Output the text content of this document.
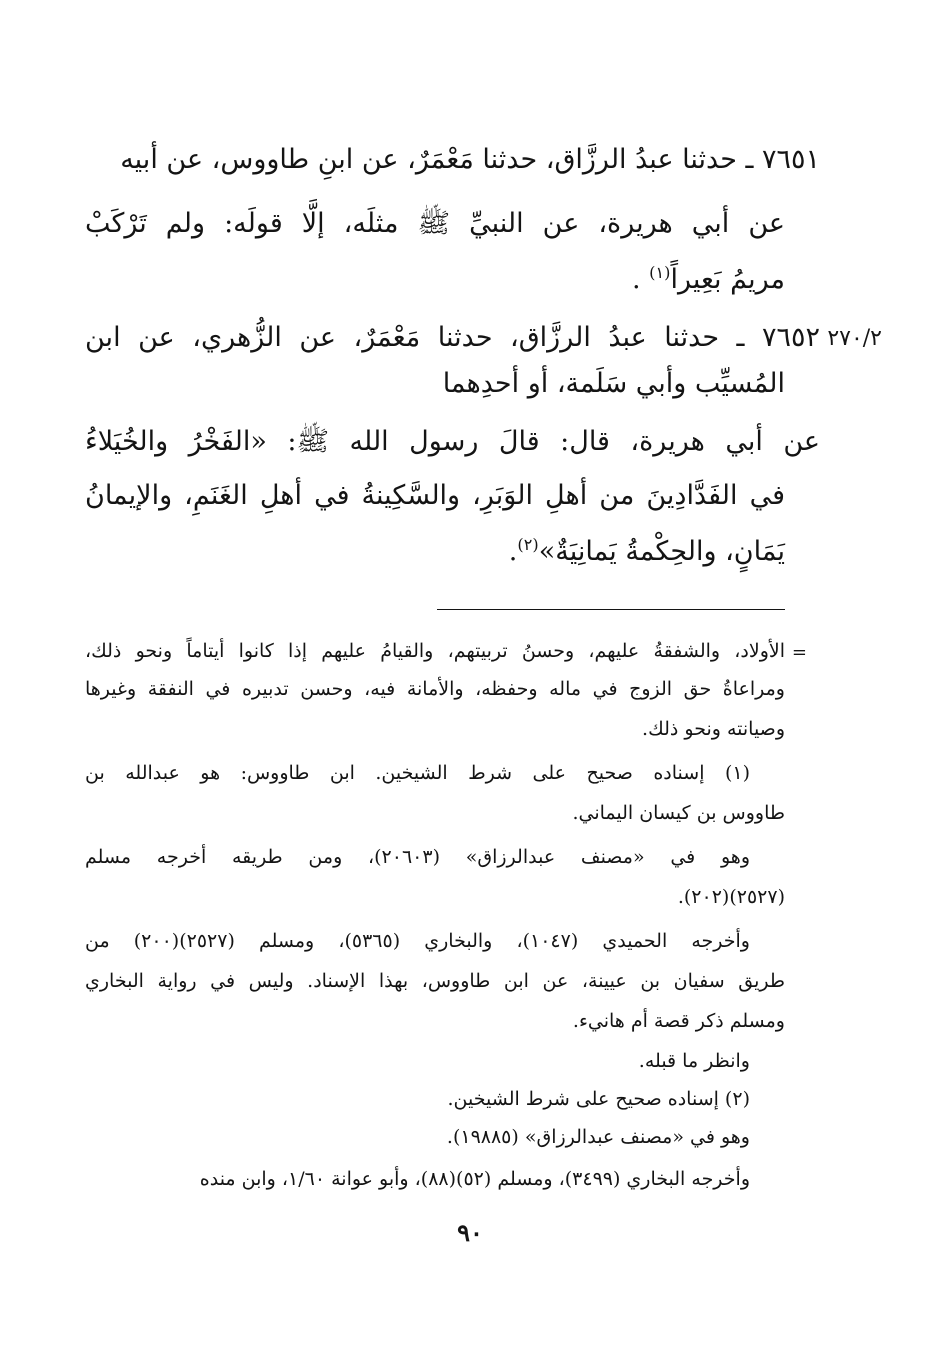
٧٦٥١ ـ حدثنا عبدُ الرزَّاق، حدثنا مَعْمَرٌ، عن ابنِ طاووس، عن أبيه
عن أبي هريرة، عن النبيِّ ﷺ مثلَه، إلَّا قولَه: ولم تَرْكَبْ
مريمُ بَعِيراً$^{(١)}$ .
٧٦٥٢ ـ حدثنا عبدُ الرزَّاق، حدثنا مَعْمَرٌ، عن الزُّهري، عن ابن
المُسيِّب وأبي سَلَمة، أو أحدِهما
عن أبي هريرة، قال: قالَ رسول الله ﷺ: «الفَخْرُ والخُيَلاءُ
في الفَدَّادِينَ من أهلِ الوَبَرِ، والسَّكِينةُ في أهلِ الغَنَمِ، والإيمانُ
يَمَانٍ، والحِكْمةُ يَمانِيَةٌ»$^{(٢)}$.
٢٧٠/٢
=
الأولاد، والشفقةُ عليهم، وحسنُ تربيتهم، والقيامُ عليهم إذا كانوا أيتاماً ونحو ذلك،
ومراعاةُ حق الزوج في ماله وحفظه، والأمانة فيه، وحسن تدبيره في النفقة وغيرها
وصيانته ونحو ذلك.
(١) إسناده صحيح على شرط الشيخين. ابن طاووس: هو عبدالله بن
طاووس بن كيسان اليماني.
وهو في «مصنف عبدالرزاق» (٢٠٦٠٣)، ومن طريقه أخرجه مسلم
(٢٥٢٧)(٢٠٢).
وأخرجه الحميدي (١٠٤٧)، والبخاري (٥٣٦٥)، ومسلم (٢٥٢٧)(٢٠٠) من
طريق سفيان بن عيينة، عن ابن طاووس، بهذا الإسناد. وليس في رواية البخاري
ومسلم ذكر قصة أم هانيء.
وانظر ما قبله.
(٢) إسناده صحيح على شرط الشيخين.
وهو في «مصنف عبدالرزاق» (١٩٨٨٥).
وأخرجه البخاري (٣٤٩٩)، ومسلم (٥٢)(٨٨)، وأبو عوانة ١/٦٠، وابن منده
٩٠
